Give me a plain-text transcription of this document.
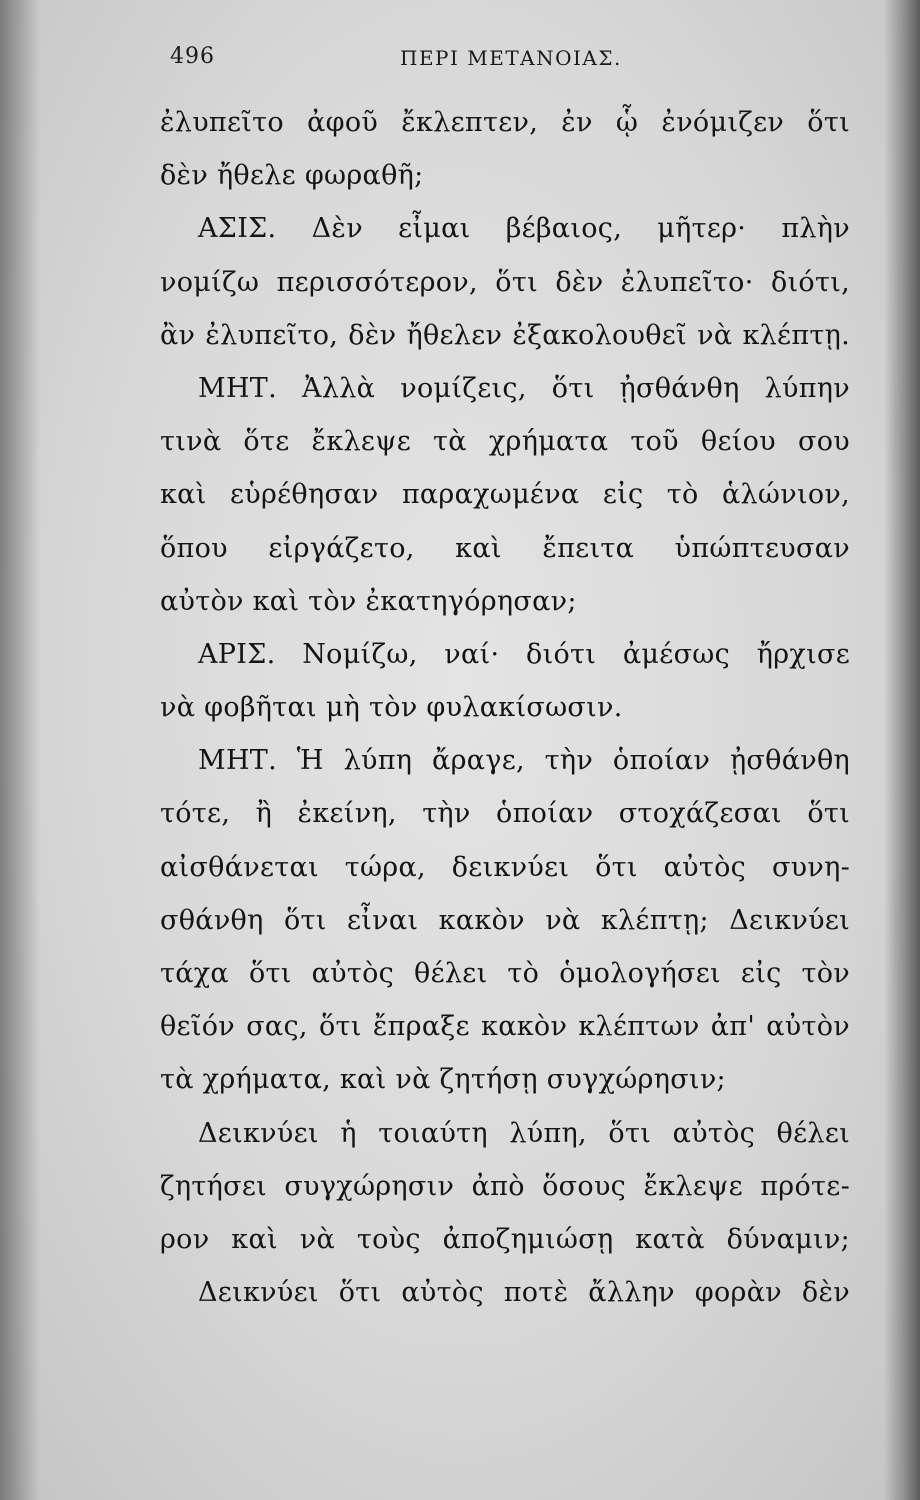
496	ΠΕΡΙ ΜΕΤΑΝΟΙΑΣ.
ἐλυπεῖτο ἀφοῦ ἔκλεπτεν, ἐν ᾧ ἐνόμιζεν ὅτι
δὲν ἤθελε φωραθῆ;
ΑΣΙΣ. Δὲν εἶμαι βέβαιος, μῆτερ· πλὴν
νομίζω περισσότερον, ὅτι δὲν ἐλυπεῖτο· διότι,
ἂν ἐλυπεῖτο, δὲν ἤθελεν ἐξακολουθεῖ νὰ κλέπτῃ.
ΜΗΤ. Ἀλλὰ νομίζεις, ὅτι ᾐσθάνθη λύπην
τινὰ ὅτε ἔκλεψε τὰ χρήματα τοῦ θείου σου
καὶ εὑρέθησαν παραχωμένα εἰς τὸ ἁλώνιον,
ὅπου εἰργάζετο, καὶ ἔπειτα ὑπώπτευσαν
αὐτὸν καὶ τὸν ἐκατηγόρησαν;
ΑΡΙΣ. Νομίζω, ναί· διότι ἀμέσως ἤρχισε
νὰ φοβῆται μὴ τὸν φυλακίσωσιν.
ΜΗΤ. Ἡ λύπη ἄραγε, τὴν ὁποίαν ᾐσθάνθη
τότε, ἢ ἐκείνη, τὴν ὁποίαν στοχάζεσαι ὅτι
αἰσθάνεται τώρα, δεικνύει ὅτι αὐτὸς συνη-
σθάνθη ὅτι εἶναι κακὸν νὰ κλέπτῃ; Δεικνύει
τάχα ὅτι αὐτὸς θέλει τὸ ὁμολογήσει εἰς τὸν
θεῖόν σας, ὅτι ἔπραξε κακὸν κλέπτων ἀπ' αὐτὸν
τὰ χρήματα, καὶ νὰ ζητήσῃ συγχώρησιν;
Δεικνύει ἡ τοιαύτη λύπη, ὅτι αὐτὸς θέλει
ζητήσει συγχώρησιν ἀπὸ ὅσους ἔκλεψε πρότε-
ρον καὶ νὰ τοὺς ἀποζημιώσῃ κατὰ δύναμιν;
Δεικνύει ὅτι αὐτὸς ποτὲ ἄλλην φορὰν δὲν
